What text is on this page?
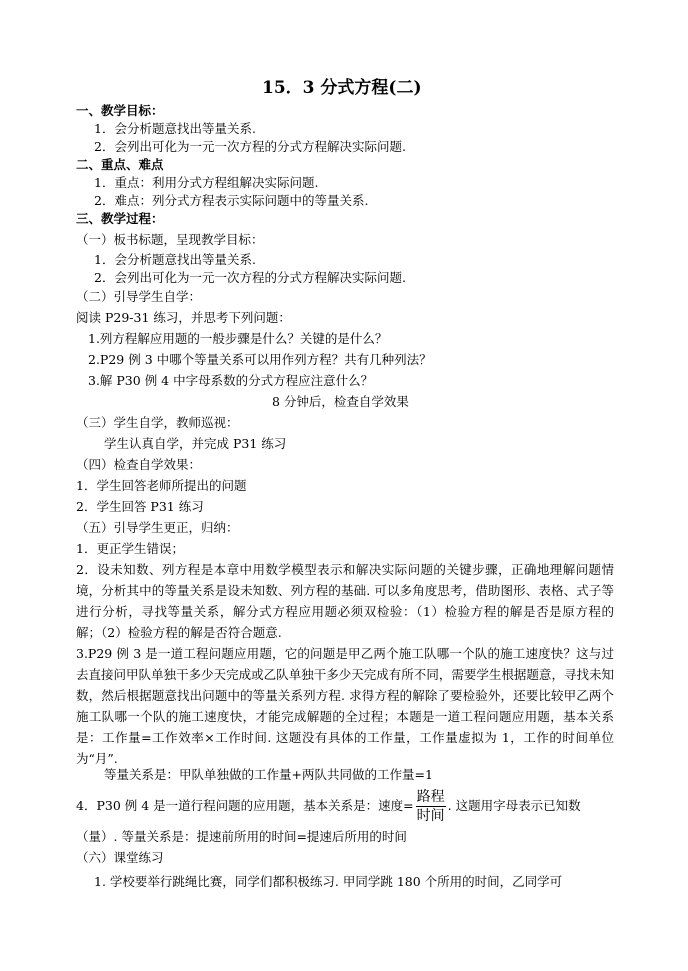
15．3 分式方程(二)
一、教学目标：
1．会分析题意找出等量关系.
2．会列出可化为一元一次方程的分式方程解决实际问题.
二、重点、难点
1．重点：利用分式方程组解决实际问题.
2．难点：列分式方程表示实际问题中的等量关系.
三、教学过程：
（一）板书标题，呈现教学目标：
1．会分析题意找出等量关系.
2．会列出可化为一元一次方程的分式方程解决实际问题.
（二）引导学生自学：
阅读 P29-31 练习，并思考下列问题：
1.列方程解应用题的一般步骤是什么？关键的是什么？
2.P29 例 3 中哪个等量关系可以用作列方程？共有几种列法？
3.解 P30 例 4 中字母系数的分式方程应注意什么？
8 分钟后，检查自学效果
（三）学生自学，教师巡视：
学生认真自学，并完成 P31 练习
（四）检查自学效果：
1．学生回答老师所提出的问题
2．学生回答 P31 练习
（五）引导学生更正，归纳：
1．更正学生错误；
2．设未知数、列方程是本章中用数学模型表示和解决实际问题的关键步骤，正确地理解问题情境，分析其中的等量关系是设未知数、列方程的基础. 可以多角度思考，借助图形、表格、式子等进行分析，寻找等量关系，解分式方程应用题必须双检验：（1）检验方程的解是否是原方程的解；（2）检验方程的解是否符合题意.
3.P29 例 3 是一道工程问题应用题，它的问题是甲乙两个施工队哪一个队的施工速度快？这与过去直接问甲队单独干多少天完成或乙队单独干多少天完成有所不同，需要学生根据题意，寻找未知数，然后根据题意找出问题中的等量关系列方程. 求得方程的解除了要检验外，还要比较甲乙两个施工队哪一个队的施工速度快，才能完成解题的全过程；本题是一道工程问题应用题，基本关系是：工作量=工作效率×工作时间. 这题没有具体的工作量，工作量虚拟为 1，工作的时间单位为“月”.
等量关系是：甲队单独做的工作量+两队共同做的工作量=1
4．P30 例 4 是一道行程问题的应用题，基本关系是：速度= $\frac{\text{路程}}{\text{时间}}$ . 这题用字母表示已知数
（量）. 等量关系是：提速前所用的时间=提速后所用的时间
（六）课堂练习
1. 学校要举行跳绳比赛，同学们都积极练习. 甲同学跳 180 个所用的时间，乙同学可
